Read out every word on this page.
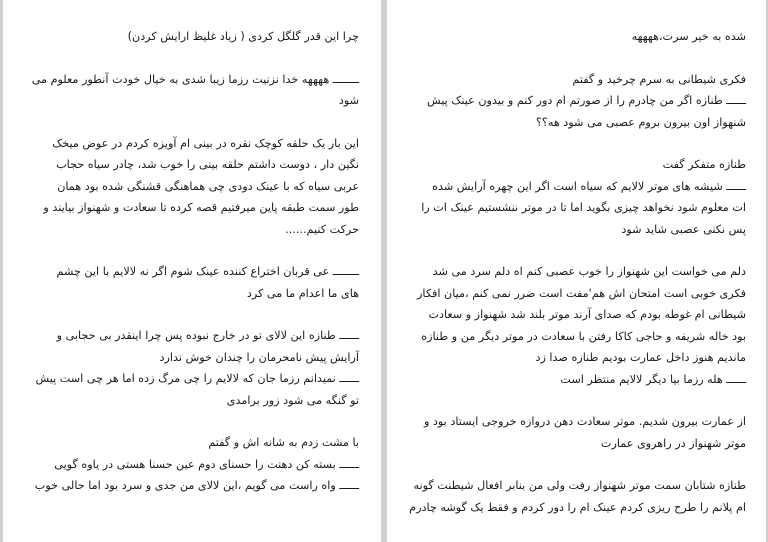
چرا این قدر گلگل کردی ( زیاد غلیظ ارایش کردن)

ــــــــ ههههه خدا نزنیت رزما زیبا شدی به خیال خودت آنطور معلوم می

شود

این بار یک حلقه کوچک نقره در بینی ام آویزه کردم در عوض میخک

نگین دار ، دوست داشتم حلقه بینی را خوب شد، چادر سیاه حجاب

عربی سیاه که با عینک دودی چی هماهنگی قشنگی شده بود همان

طور سمت طبقه پاین میرفتیم قصه کرده تا سعادت و شهنواز بیایند و

حرکت کنیم......

ــــــــ عی قربان اختراع کننده عینک شوم اگر نه لالایم با این چشم

های ما اعدام ما می کرد

ــــــ طنازه این لالای تو در خارج نبوده پس چرا اینقدر بی حجابی و

آرایش پیش نامحرمان را چندان خوش ندارد

ــــــ نمیدانم رزما جان که لالایم را چی مرگ زده اما هر چی است پیش

تو گنگه می شود زور برامدی

با مشت زدم به شانه اش و گفتم

ــــــ بسته کن دهنت را حسنای دوم عین حسنا هستی در یاوه گویی

ــــــ واه راست می گویم ،این لالای من جدی و سرد بود اما حالی خوب

شده به خیر سرت،ههههه

فکری شیطانی به سرم چرخید و گفتم

ــــــ طنازه اگر من چادرم را از صورتم ام دور کنم و بیدون عینک پیش

شنهواز اون بیرون بروم عصبی می شود هه؟؟

طنازه متفکر گفت

ــــــ شیشه های موتر لالایم که سیاه است اگر این چهره آرایش شده

ات معلوم شود نخواهد چیزی بگوید اما تا در موتر ننشستیم عینک ات را

پس نکنی عصبی شاید شود

دلم می خواست این شهنواز را خوب عصبی کنم اه دلم سرد می شد

فکری خوبی است امتحان اش هم'مفت است ضرر نمی کنم ،میان افکار

شیطانی ام غوطه بودم که صدای آرند موتر بلند شد شهنواز و سعادت

بود خاله شریفه و حاجی کاکا رفتن با سعادت در موتر دیگر من و طنازه

ماندیم هنوز داخل عمارت بودیم طنازه صدا زد

ــــــ هله رزما بیا دیگر لالایم منتظر است

از عمارت بیرون شدیم. موتر سعادت دهن دروازه خروجی ایستاد بود و

موتر شهنواز در راهروی عمارت

طنازه شتابان سمت موتر شهنواز رفت ولی من بنابر افعال شیطنت گونه

ام پلانم را طرح ریزی کردم عینک ام را دور کردم و فقط یک گوشه چادرم
